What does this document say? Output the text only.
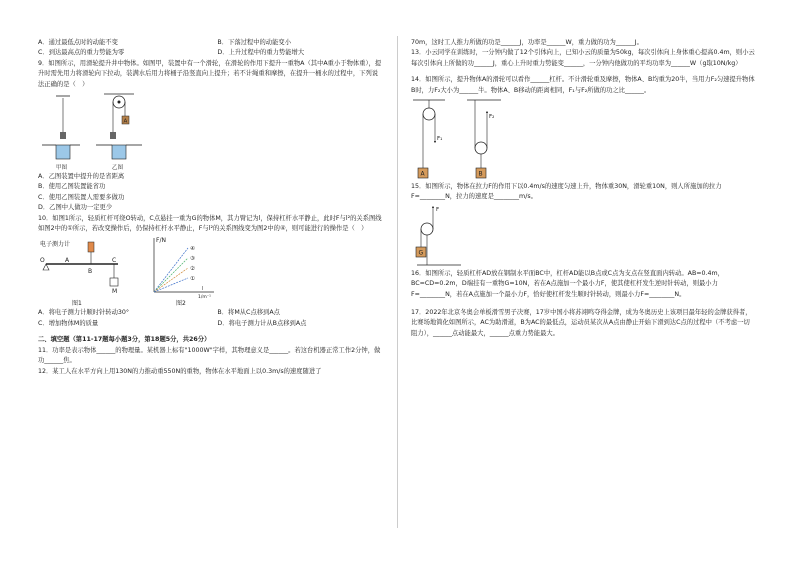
A．通过最低点时的动能不变	B．下落过程中的动能变小
C．到达最高点的重力势能为零	D．上升过程中的重力势能增大

9．如图所示，用滑轮提升井中物体。如图甲，装置中有一个滑轮，在滑轮的作用下提升一重物A（其中A重小于物体重），提升时需先用力将滑轮向下拉动，装满水后用力将桶子沿竖直向上提升；若不计绳重和摩擦，在提升一桶水的过程中，下列说法正确的是（　）

A
甲图	乙图

A．乙图装置中提升的是省距离

B．使用乙图装置能省功

C．使用乙图装置人需要多做功

D．乙图中人做功一定更少

10．如图1所示，轻质杠杆可绕O转动，C点悬挂一重为G的物体M，其力臂记为l，保持杠杆水平静止，此时F与l²的关系图线如图2中的①所示，若改变操作后，仍保持杠杆水平静止，F与l²的关系图线变为图2中的④，则可能进行的操作是（　）

电子测力计
O	A
B
C
M
图1
F/N
l
1/m⁻¹
④
③
②
①
图2
A．将电子测力计顺时针转动30°	B．将M从C点移到A点
C．增加物体M的质量	D．将电子测力计从B点移到A点

二、填空题（第11-17题每小题3分，第18题5分，共26分）

11．功率是表示物体______的物理量。某机器上标有"1000W"字样，其物理意义是______。若这台机器正常工作2分钟，做功______焦。

12．某工人在水平方向上用130N的力推动重550N的重物，物体在水平地面上以0.3m/s的速度随进了

70m，这时工人推力所做的功是______J，功率是______W，重力做的功为______J。

13．小云同学在训练时，一分钟内做了12个引体向上，已知小云的质量为50kg，每次引体向上身体重心提高0.4m，则小云每次引体向上所做的功______J，重心上升时重力势能变______，一分钟内他做功的平均功率为______W（g取10N/kg）

14．如图所示，提升物体A的滑轮可以看作______杠杆。不计滑轮重及摩擦，物体A、B均重为20牛，当用力F₂匀速提升物体B时，力F₂大小为______牛。物体A、B移动的距离相同，F₁与F₂所做的功之比______。

F₁
A
F₂
B

15．如图所示，物体在拉力F的作用下以0.4m/s的速度匀速上升，物体重30N，滑轮重10N，则人所施加的拉力F=________N，拉力的速度是________m/s。

F
G

16．如图所示，轻质杠杆AD放在钢制水平面BC中，杠杆AD能以B点或C点为支点在竖直面内转动。AB=0.4m，BC=CD=0.2m，D端挂有一重物G=10N，若在A点施加一个最小力F，使其使杠杆发生逆时针转动，则最小力F=________N，若在A点施加一个最小力F，恰好使杠杆发生顺时针转动，则最小力F=________N。

17．2022年北京冬奥会单板滑雪男子决赛，17岁中国小将苏翊鸣夺得金牌，成为冬奥历史上该项目最年轻的金牌获得者，比赛场地简化如图所示，AC为助滑道，B为AC的最低点，运动员某次从A点由静止开始下滑到达C点的过程中（不考虑一切阻力），______点动能最大，______点重力势能最大。
